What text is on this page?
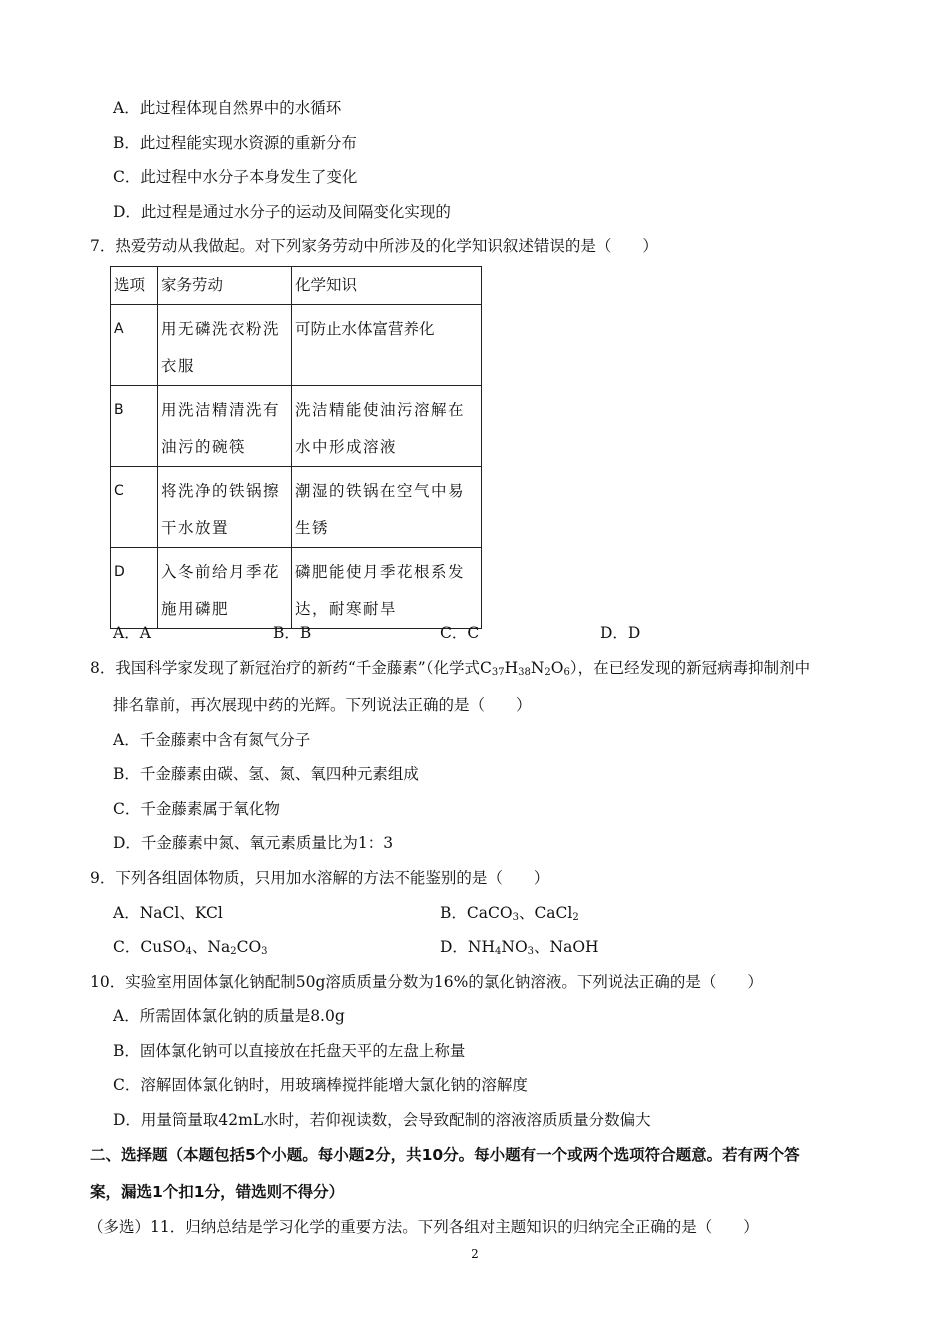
A．此过程体现自然界中的水循环
B．此过程能实现水资源的重新分布
C．此过程中水分子本身发生了变化
D．此过程是通过水分子的运动及间隔变化实现的
7．热爱劳动从我做起。对下列家务劳动中所涉及的化学知识叙述错误的是（　　）
选项	家务劳动	化学知识
A	用无磷洗衣粉洗衣服	可防止水体富营养化
B	用洗洁精清洗有油污的碗筷	洗洁精能使油污溶解在水中形成溶液
C	将洗净的铁锅擦干水放置	潮湿的铁锅在空气中易生锈
D	入冬前给月季花施用磷肥	磷肥能使月季花根系发达，耐寒耐旱
A．A	B．B	C．C	D．D
8．我国科学家发现了新冠治疗的新药“千金藤素”（化学式$C_{37}H_{38}N_2O_6$），在已经发现的新冠病毒抑制剂中
排名靠前，再次展现中药的光辉。下列说法正确的是（　　）
A．千金藤素中含有氮气分子
B．千金藤素由碳、氢、氮、氧四种元素组成
C．千金藤素属于氧化物
D．千金藤素中氮、氧元素质量比为1：3
9．下列各组固体物质，只用加水溶解的方法不能鉴别的是（　　）
A．NaCl、KCl	B．CaCO$_3$、CaCl$_2$
C．CuSO$_4$、$Na_2CO_3$	D．$NH_4NO_3$、NaOH
10．实验室用固体氯化钠配制50g溶质质量分数为16%的氯化钠溶液。下列说法正确的是（　　）
A．所需固体氯化钠的质量是8.0g
B．固体氯化钠可以直接放在托盘天平的左盘上称量
C．溶解固体氯化钠时，用玻璃棒搅拌能增大氯化钠的溶解度
D．用量筒量取42mL水时，若仰视读数，会导致配制的溶液溶质质量分数偏大
二、选择题（本题包括5个小题。每小题2分，共10分。每小题有一个或两个选项符合题意。若有两个答
案，漏选1个扣1分，错选则不得分）
（多选）11．归纳总结是学习化学的重要方法。下列各组对主题知识的归纳完全正确的是（　　）
2
